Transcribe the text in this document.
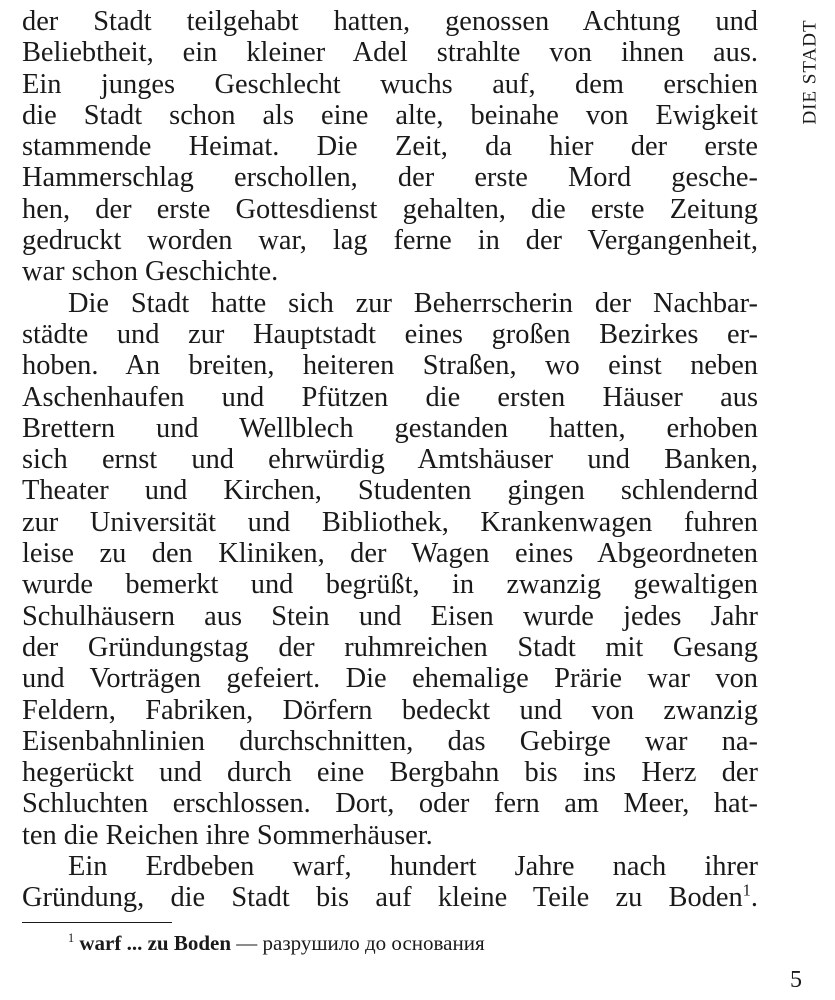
der Stadt teilgehabt hatten, genossen Achtung und
Beliebtheit, ein kleiner Adel strahlte von ihnen aus.
Ein junges Geschlecht wuchs auf, dem erschien
die Stadt schon als eine alte, beinahe von Ewigkeit
stammende Heimat. Die Zeit, da hier der erste
Hammerschlag erschollen, der erste Mord gesche-
hen, der erste Gottesdienst gehalten, die erste Zeitung
gedruckt worden war, lag ferne in der Vergangenheit,
war schon Geschichte.
Die Stadt hatte sich zur Beherrscherin der Nachbar-
städte und zur Hauptstadt eines großen Bezirkes er-
hoben. An breiten, heiteren Straßen, wo einst neben
Aschenhaufen und Pfützen die ersten Häuser aus
Brettern und Wellblech gestanden hatten, erhoben
sich ernst und ehrwürdig Amtshäuser und Banken,
Theater und Kirchen, Studenten gingen schlendernd
zur Universität und Bibliothek, Krankenwagen fuhren
leise zu den Kliniken, der Wagen eines Abgeordneten
wurde bemerkt und begrüßt, in zwanzig gewaltigen
Schulhäusern aus Stein und Eisen wurde jedes Jahr
der Gründungstag der ruhmreichen Stadt mit Gesang
und Vorträgen gefeiert. Die ehemalige Prärie war von
Feldern, Fabriken, Dörfern bedeckt und von zwanzig
Eisenbahnlinien durchschnitten, das Gebirge war na-
hegerückt und durch eine Bergbahn bis ins Herz der
Schluchten erschlossen. Dort, oder fern am Meer, hat-
ten die Reichen ihre Sommerhäuser.
Ein Erdbeben warf, hundert Jahre nach ihrer
Gründung, die Stadt bis auf kleine Teile zu Boden$^1$.
DIE STADT
$^1$ warf ... zu Boden — разрушило до основания
5
